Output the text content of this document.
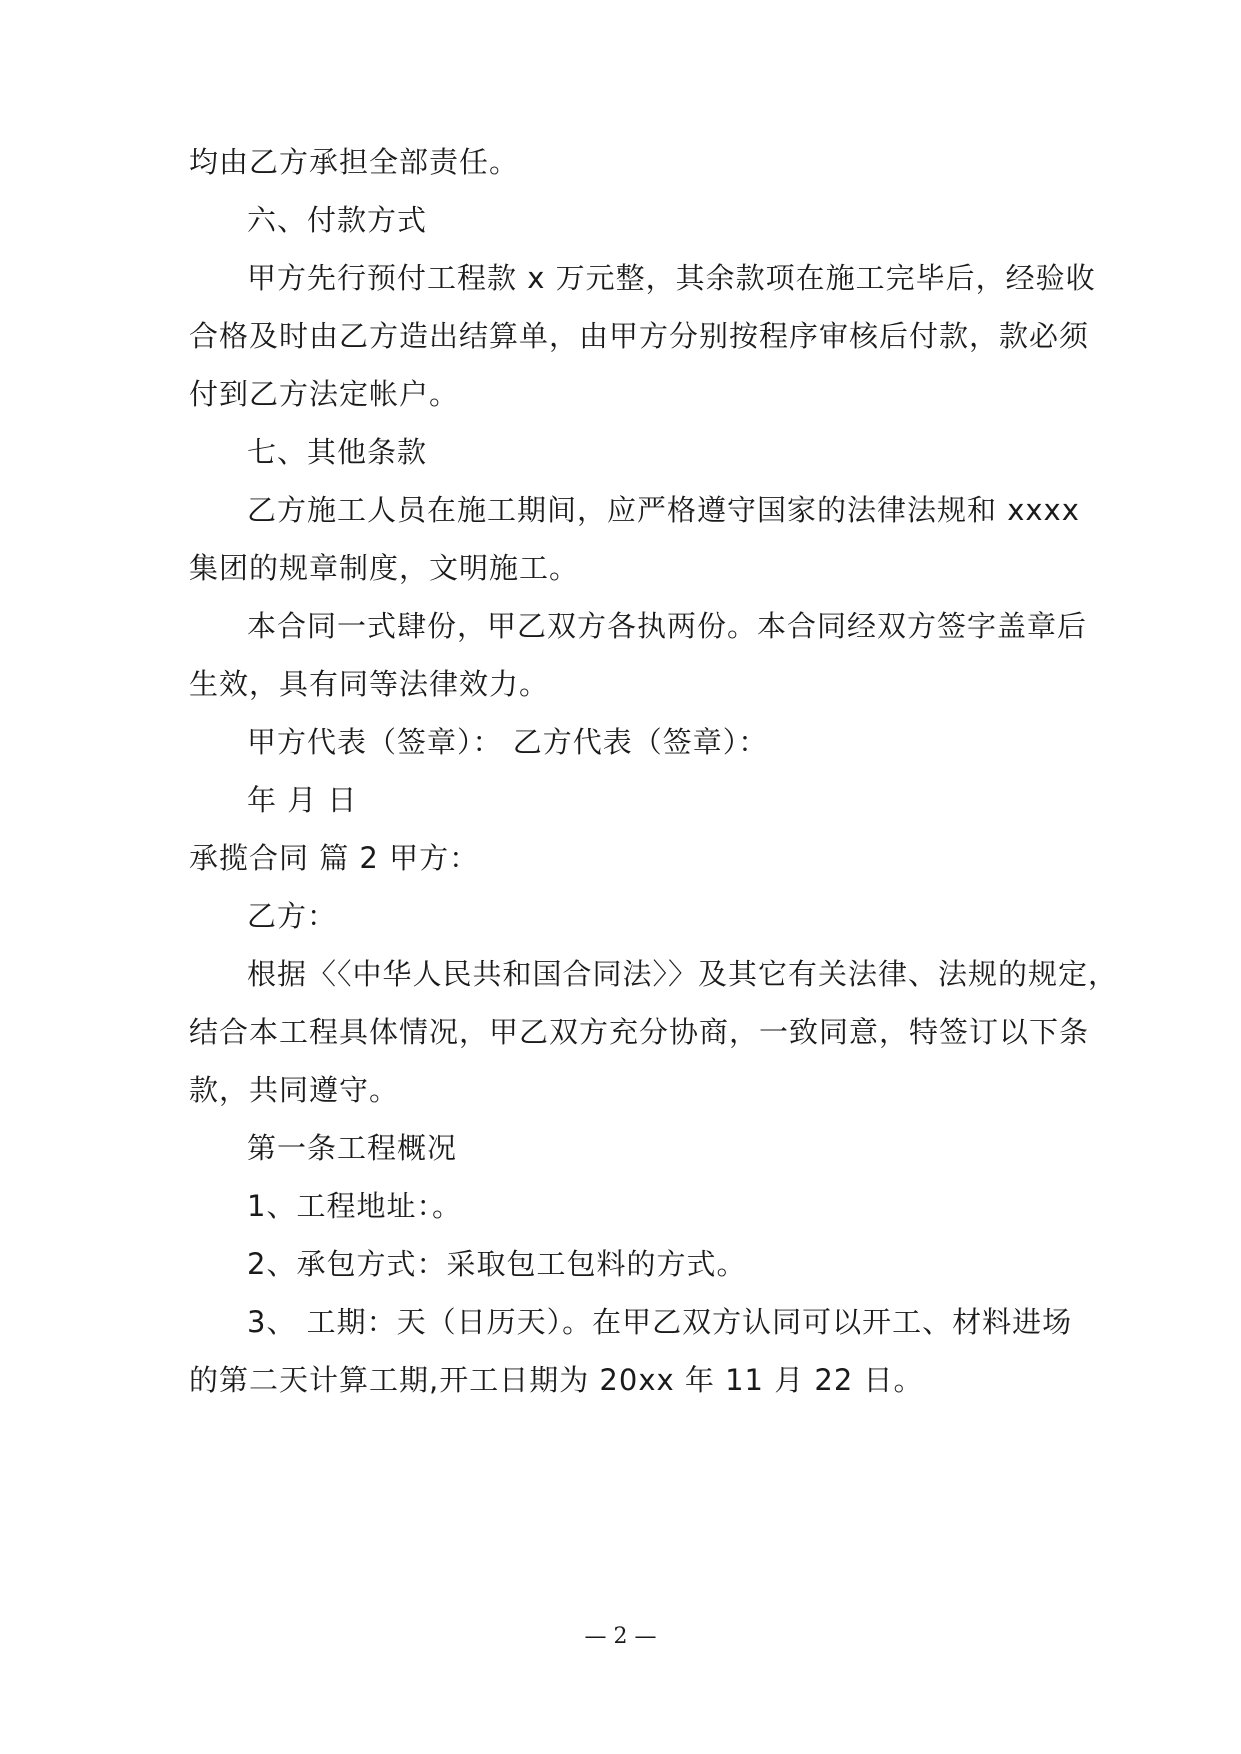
均由乙方承担全部责任。
六、付款方式
甲方先行预付工程款 x 万元整，其余款项在施工完毕后，经验收
合格及时由乙方造出结算单，由甲方分别按程序审核后付款，款必须
付到乙方法定帐户。
七、其他条款
乙方施工人员在施工期间，应严格遵守国家的法律法规和 xxxx
集团的规章制度，文明施工。
本合同一式肆份，甲乙双方各执两份。本合同经双方签字盖章后
生效，具有同等法律效力。
甲方代表（签章）： 乙方代表（签章）：
年 月 日
承揽合同 篇 2 甲方：
乙方：
根据〈〈中华人民共和国合同法〉〉及其它有关法律、法规的规定，
结合本工程具体情况，甲乙双方充分协商，一致同意，特签订以下条
款，共同遵守。
第一条工程概况
1、工程地址：。
2、承包方式：采取包工包料的方式。
3、 工期：天（日历天）。在甲乙双方认同可以开工、材料进场
的第二天计算工期,开工日期为 20xx 年 11 月 22 日。
— 2 —
